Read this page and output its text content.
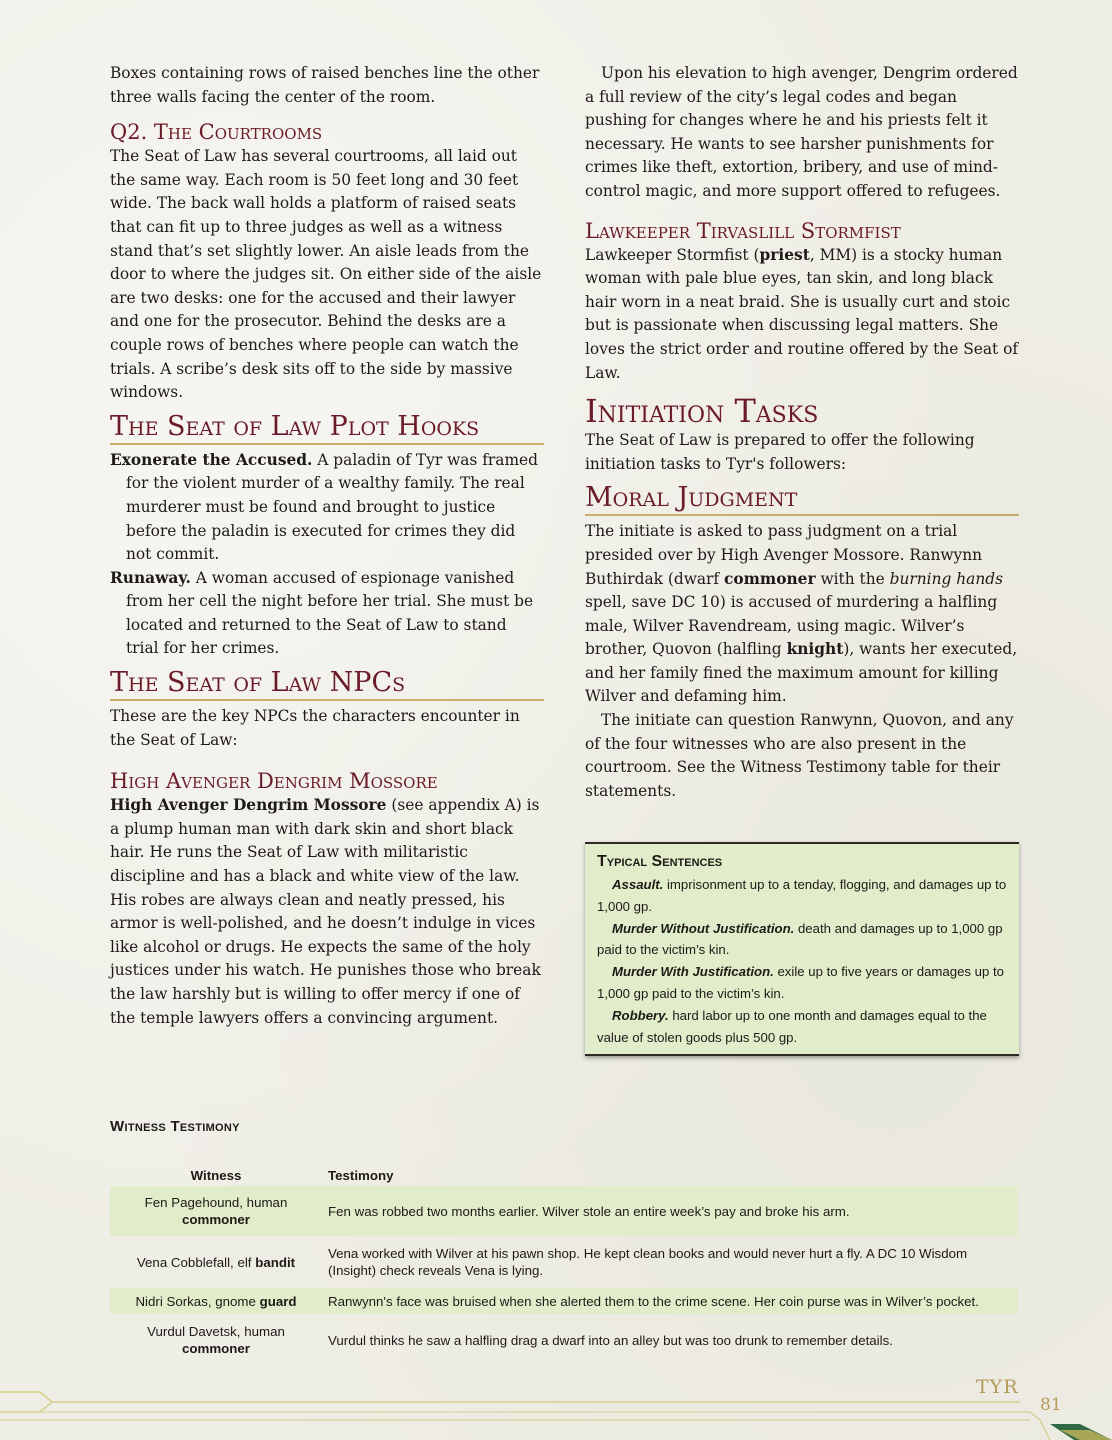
Boxes containing rows of raised benches line the other three walls facing the center of the room.

Q2. The Courtrooms

The Seat of Law has several courtrooms, all laid out the same way. Each room is 50 feet long and 30 feet wide. The back wall holds a platform of raised seats that can fit up to three judges as well as a witness stand that’s set slightly lower. An aisle leads from the door to where the judges sit. On either side of the aisle are two desks: one for the accused and their lawyer and one for the prosecutor. Behind the desks are a couple rows of benches where people can watch the trials. A scribe’s desk sits off to the side by massive windows.

The Seat of Law Plot Hooks

Exonerate the Accused. A paladin of Tyr was framed for the violent murder of a wealthy family. The real murderer must be found and brought to justice before the paladin is executed for crimes they did not commit.

Runaway. A woman accused of espionage vanished from her cell the night before her trial. She must be located and returned to the Seat of Law to stand trial for her crimes.

The Seat of Law NPCs

These are the key NPCs the characters encounter in the Seat of Law:

High Avenger Dengrim Mossore

High Avenger Dengrim Mossore (see appendix A) is a plump human man with dark skin and short black hair. He runs the Seat of Law with militaristic discipline and has a black and white view of the law. His robes are always clean and neatly pressed, his armor is well-polished, and he doesn’t indulge in vices like alcohol or drugs. He expects the same of the holy justices under his watch. He punishes those who break the law harshly but is willing to offer mercy if one of the temple lawyers offers a convincing argument.

Upon his elevation to high avenger, Dengrim ordered a full review of the city’s legal codes and began pushing for changes where he and his priests felt it necessary. He wants to see harsher punishments for crimes like theft, extortion, bribery, and use of mind-control magic, and more support offered to refugees.

Lawkeeper Tirvaslill Stormfist

Lawkeeper Stormfist (priest, MM) is a stocky human woman with pale blue eyes, tan skin, and long black hair worn in a neat braid. She is usually curt and stoic but is passionate when discussing legal matters. She loves the strict order and routine offered by the Seat of Law.

Initiation Tasks

The Seat of Law is prepared to offer the following initiation tasks to Tyr's followers:

Moral Judgment

The initiate is asked to pass judgment on a trial presided over by High Avenger Mossore. Ranwynn Buthirdak (dwarf commoner with the burning hands spell, save DC 10) is accused of murdering a halfling male, Wilver Ravendream, using magic. Wilver’s brother, Quovon (halfling knight), wants her executed, and her family fined the maximum amount for killing Wilver and defaming him.

The initiate can question Ranwynn, Quovon, and any of the four witnesses who are also present in the courtroom. See the Witness Testimony table for their statements.

Typical Sentences

Assault. imprisonment up to a tenday, flogging, and damages up to 1,000 gp.

Murder Without Justification. death and damages up to 1,000 gp paid to the victim’s kin.

Murder With Justification. exile up to five years or damages up to 1,000 gp paid to the victim’s kin.

Robbery. hard labor up to one month and damages equal to the value of stolen goods plus 500 gp.

Witness Testimony
Witness	Testimony
Fen Pagehound, human
commoner	Fen was robbed two months earlier. Wilver stole an entire week’s pay and broke his arm.
Vena Cobblefall, elf bandit	Vena worked with Wilver at his pawn shop. He kept clean books and would never hurt a fly. A DC 10 Wisdom (Insight) check reveals Vena is lying.
Nidri Sorkas, gnome guard	Ranwynn's face was bruised when she alerted them to the crime scene. Her coin purse was in Wilver’s pocket.
Vurdul Davetsk, human
commoner	Vurdul thinks he saw a halfling drag a dwarf into an alley but was too drunk to remember details.
TYR
81
